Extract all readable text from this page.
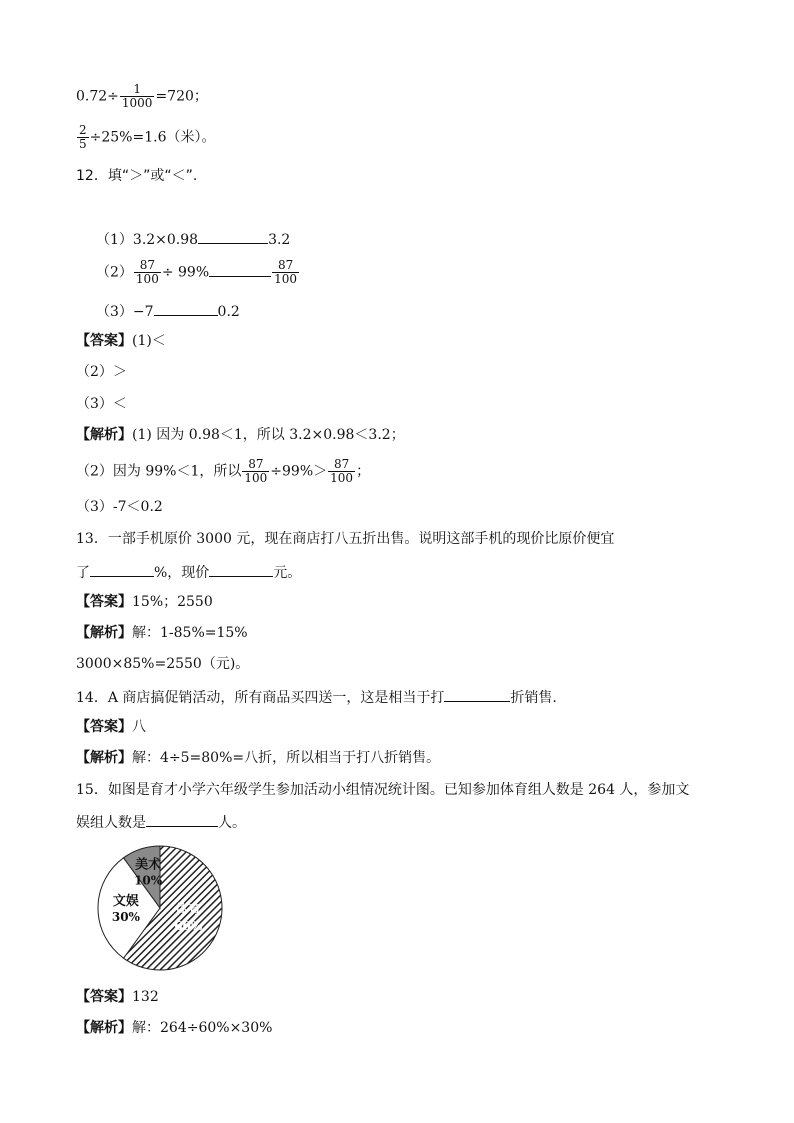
$0.72\div \frac{1}{1000} =720$；
$\frac{2}{5} \div 25\%=1.6$（米）。
12．填“＞”或“＜”.
（1）3.2×0.98	3.2
$(2) \frac{87}{100} \div 99\%$	$\frac{87}{100}$
（3）−7	0.2
【答案】(1)＜
（2）＞
（3）＜
【解析】(1) 因为 0.98＜1，所以 3.2×0.98＜3.2；
（2）因为 99%＜1，所以 $\frac{87}{100} \div 99\%> \frac{87}{100}$ ；
（3）-7＜0.2
13．一部手机原价 3000 元，现在商店打八五折出售。说明这部手机的现价比原价便宜
了	%，现价	元。
【答案】15%；2550
【解析】解：1-85%=15%
3000×85%=2550（元)。
14．A 商店搞促销活动，所有商品买四送一，这是相当于打	折销售.
【答案】八
【解析】解：4÷5=80%=八折，所以相当于打八折销售。
15．如图是育才小学六年级学生参加活动小组情况统计图。已知参加体育组人数是 264 人，参加文
娱组人数是	人。
体育
60%
文娱
30%
美术
10%
【答案】132
【解析】解：264÷60%×30%
